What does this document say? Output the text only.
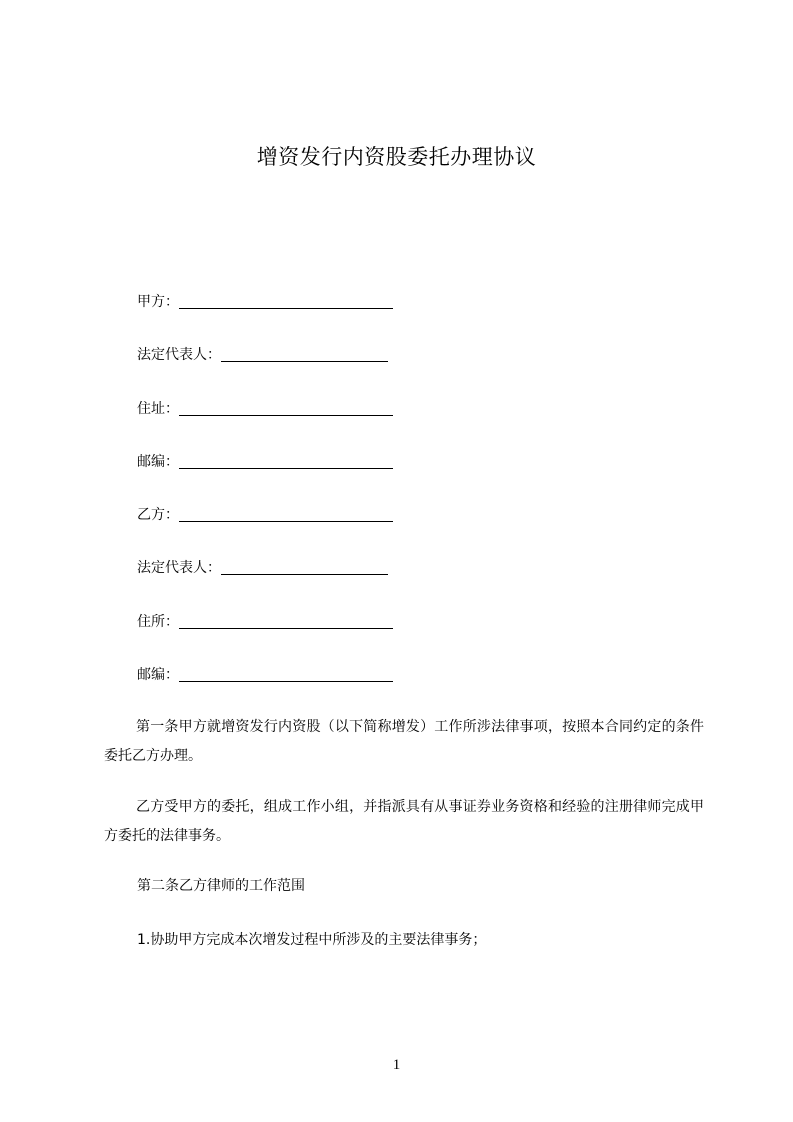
增资发行内资股委托办理协议
甲方：
法定代表人：
住址：
邮编：
乙方：
法定代表人：
住所：
邮编：
第一条甲方就增资发行内资股（以下简称增发）工作所涉法律事项，按照本合同约定的条件委托乙方办理。
乙方受甲方的委托，组成工作小组，并指派具有从事证券业务资格和经验的注册律师完成甲方委托的法律事务。
第二条乙方律师的工作范围
1.协助甲方完成本次增发过程中所涉及的主要法律事务；
1
